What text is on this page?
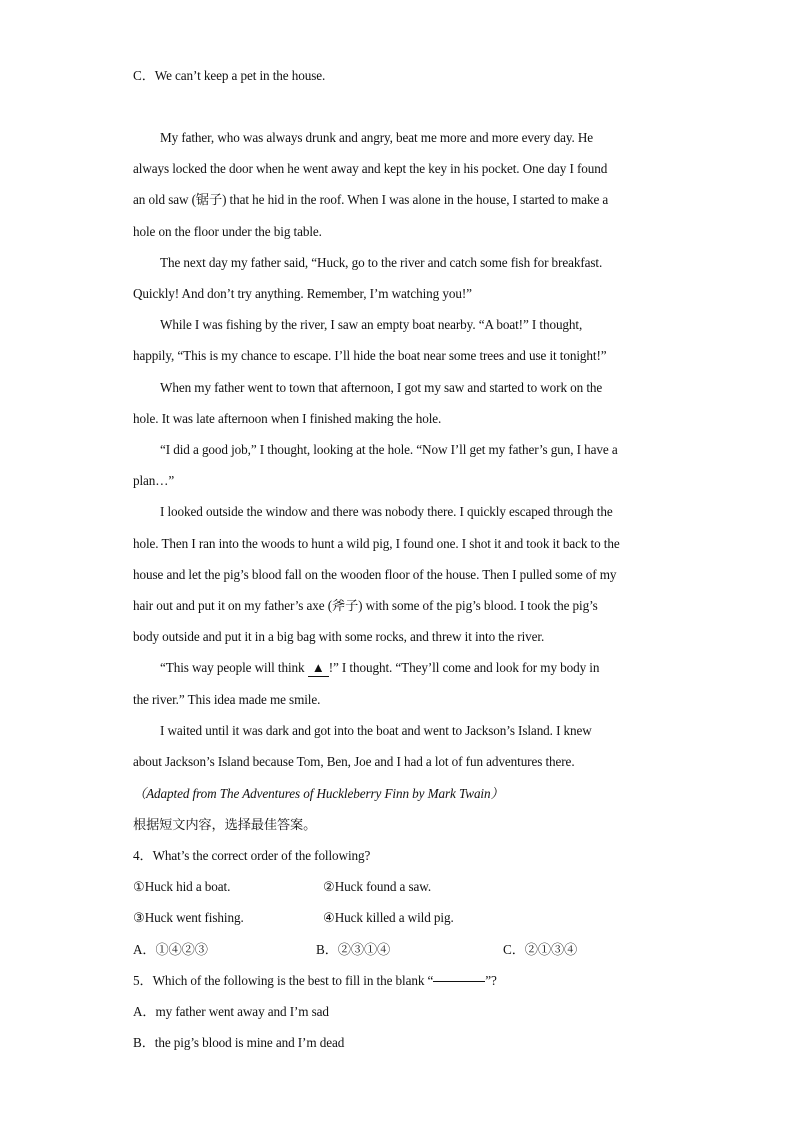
C．We can’t keep a pet in the house.
My father, who was always drunk and angry, beat me more and more every day. He
always locked the door when he went away and kept the key in his pocket. One day I found
an old saw (锯子) that he hid in the roof. When I was alone in the house, I started to make a
hole on the floor under the big table.
The next day my father said, “Huck, go to the river and catch some fish for breakfast.
Quickly! And don’t try anything. Remember, I’m watching you!”
While I was fishing by the river, I saw an empty boat nearby. “A boat!” I thought,
happily, “This is my chance to escape. I’ll hide the boat near some trees and use it tonight!”
When my father went to town that afternoon, I got my saw and started to work on the
hole. It was late afternoon when I finished making the hole.
“I did a good job,” I thought, looking at the hole. “Now I’ll get my father’s gun, I have a
plan…”
I looked outside the window and there was nobody there. I quickly escaped through the
hole. Then I ran into the woods to hunt a wild pig, I found one. I shot it and took it back to the
house and let the pig’s blood fall on the wooden floor of the house. Then I pulled some of my
hair out and put it on my father’s axe (斧子) with some of the pig’s blood. I took the pig’s
body outside and put it in a big bag with some rocks, and threw it into the river.
“This way people will think ▲ !” I thought. “They’ll come and look for my body in
the river.” This idea made me smile.
I waited until it was dark and got into the boat and went to Jackson’s Island. I knew
about Jackson’s Island because Tom, Ben, Joe and I had a lot of fun adventures there.
（Adapted from The Adventures of Huckleberry Finn by Mark Twain）
根据短文内容，选择最佳答案。
4．What’s the correct order of the following?
①Huck hid a boat.	②Huck found a saw.
③Huck went fishing.	④Huck killed a wild pig.
A．①④②③	B．②③①④	C．②①③④
5．Which of the following is the best to fill in the blank “	”?
A．my father went away and I’m sad
B．the pig’s blood is mine and I’m dead
